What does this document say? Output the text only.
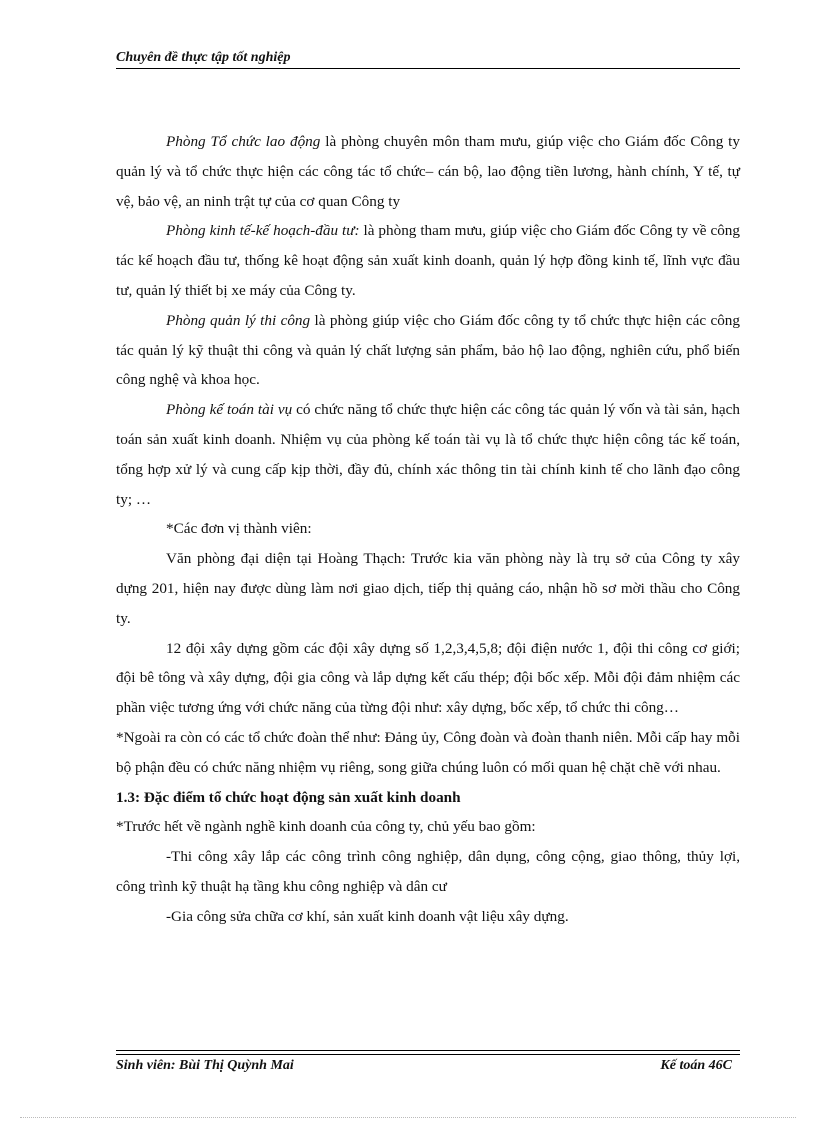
Chuyên đề thực tập tốt nghiệp

Phòng Tổ chức lao động là phòng chuyên môn tham mưu, giúp việc cho Giám đốc Công ty quản lý và tổ chức thực hiện các công tác tổ chức– cán bộ, lao động tiền lương, hành chính, Y tế, tự vệ, bảo vệ, an ninh trật tự của cơ quan Công ty

Phòng kinh tế-kế hoạch-đầu tư: là phòng tham mưu, giúp việc cho Giám đốc Công ty về công tác kế hoạch đầu tư, thống kê hoạt động sản xuất kinh doanh, quản lý hợp đồng kinh tế, lĩnh vực đầu tư, quản lý thiết bị xe máy của Công ty.

Phòng quản lý thi công là phòng giúp việc cho Giám đốc công ty tổ chức thực hiện các công tác quản lý kỹ thuật thi công và quản lý chất lượng sản phẩm, bảo hộ lao động, nghiên cứu, phổ biến công nghệ và khoa học.

Phòng kế toán tài vụ có chức năng tổ chức thực hiện các công tác quản lý vốn và tài sản, hạch toán sản xuất kinh doanh. Nhiệm vụ của phòng kế toán tài vụ là tổ chức thực hiện công tác kế toán, tổng hợp xử lý và cung cấp kịp thời, đầy đủ, chính xác thông tin tài chính kinh tế cho lãnh đạo công ty; …

*Các đơn vị thành viên:

Văn phòng đại diện tại Hoàng Thạch: Trước kia văn phòng này là trụ sở của Công ty xây dựng 201, hiện nay được dùng làm nơi giao dịch, tiếp thị quảng cáo, nhận hồ sơ mời thầu cho Công ty.

12 đội xây dựng gồm các đội xây dựng số 1,2,3,4,5,8; đội điện nước 1, đội thi công cơ giới; đội bê tông và xây dựng, đội gia công và lắp dựng kết cấu thép; đội bốc xếp. Mỗi đội đảm nhiệm các phần việc tương ứng với chức năng của từng đội như: xây dựng, bốc xếp, tổ chức thi công…

*Ngoài ra còn có các tổ chức đoàn thể như: Đảng ủy, Công đoàn và đoàn thanh niên. Mỗi cấp hay mỗi bộ phận đều có chức năng nhiệm vụ riêng, song giữa chúng luôn có mối quan hệ chặt chẽ với nhau.

1.3: Đặc điểm tổ chức hoạt động sản xuất kinh doanh

*Trước hết về ngành nghề kinh doanh của công ty, chủ yếu bao gồm:

-Thi công xây lắp các công trình công nghiệp, dân dụng, công cộng, giao thông, thủy lợi, công trình kỹ thuật hạ tầng khu công nghiệp và dân cư

-Gia công sửa chữa cơ khí, sản xuất kinh doanh vật liệu xây dựng.

Sinh viên: Bùi Thị Quỳnh Mai	Kế toán 46C
